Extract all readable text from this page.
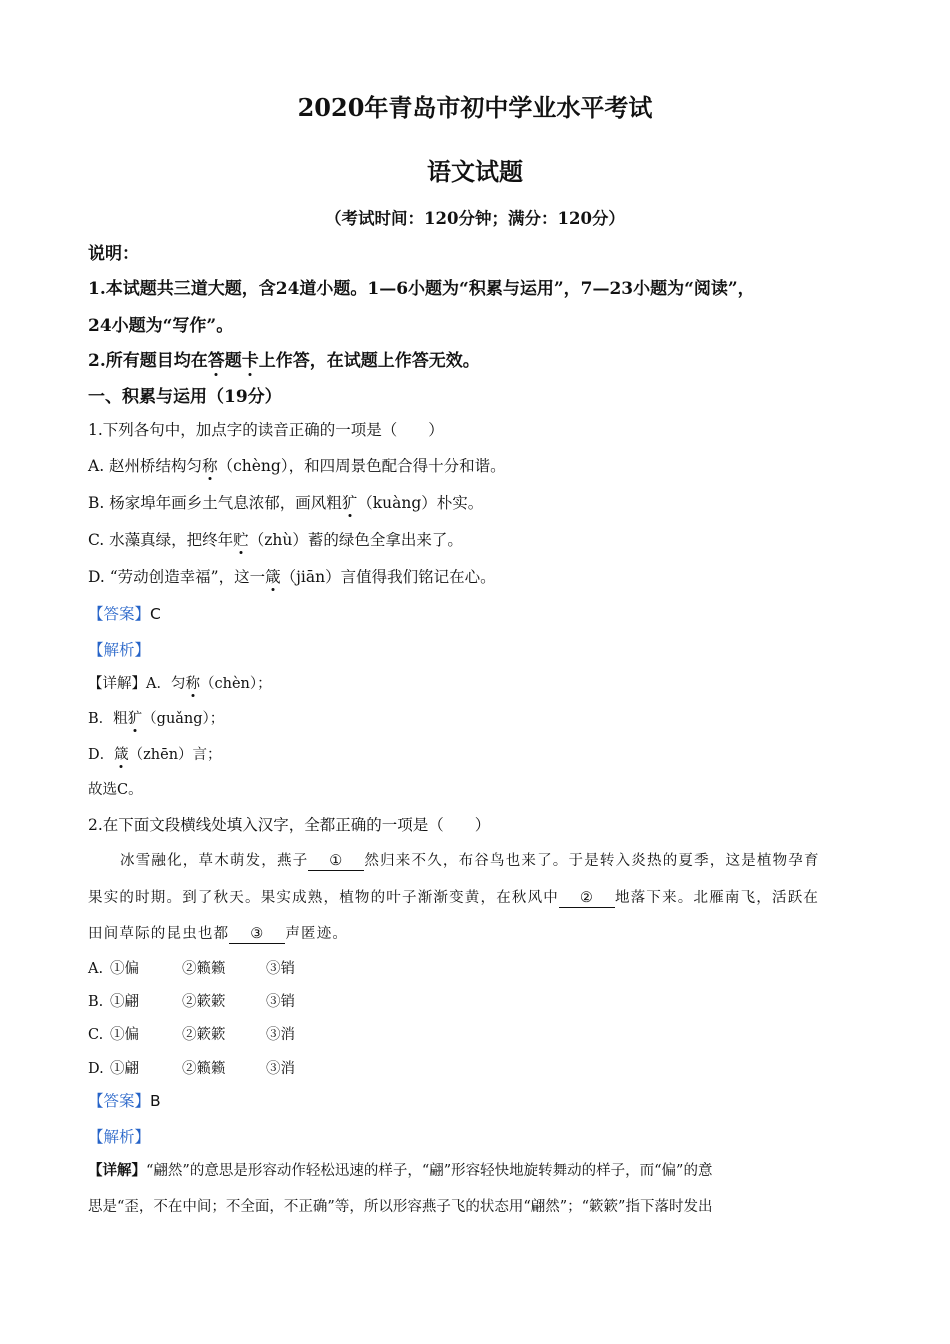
2020年青岛市初中学业水平考试
语文试题
（考试时间：120分钟；满分：120分）
说明：
1.本试题共三道大题，含24道小题。1—6小题为“积累与运用”，7—23小题为“阅读”，
24小题为“写作”。
2.所有题目均在答题卡上作答，在试题上作答无效。
一、积累与运用（19分）
1.下列各句中，加点字的读音正确的一项是（　　）
A. 赵州桥结构匀称（chèng），和四周景色配合得十分和谐。
B. 杨家埠年画乡土气息浓郁，画风粗犷（kuàng）朴实。
C. 水藻真绿，把终年贮（zhù）蓄的绿色全拿出来了。
D. “劳动创造幸福”，这一箴（jiān）言值得我们铭记在心。
【答案】C
【解析】
【详解】A．匀称（chèn）；
B．粗犷（guǎng）；
D．箴（zhēn）言；
故选C。
2.在下面文段横线处填入汉字，全都正确的一项是（　　）
冰雪融化，草木萌发，燕子 ① 然归来不久，布谷鸟也来了。于是转入炎热的夏季，这是植物孕育
果实的时期。到了秋天。果实成熟，植物的叶子渐渐变黄，在秋风中 ② 地落下来。北雁南飞，活跃在
田间草际的昆虫也都 ③ 声匿迹。
A. ①偏	②籁籁	③销
B. ①翩	②簌簌	③销
C. ①偏	②簌簌	③消
D. ①翩	②籁籁	③消
【答案】B
【解析】
【详解】“翩然”的意思是形容动作轻松迅速的样子，“翩”形容轻快地旋转舞动的样子，而“偏”的意
思是“歪，不在中间；不全面，不正确”等，所以形容燕子飞的状态用“翩然”；“簌簌”指下落时发出
